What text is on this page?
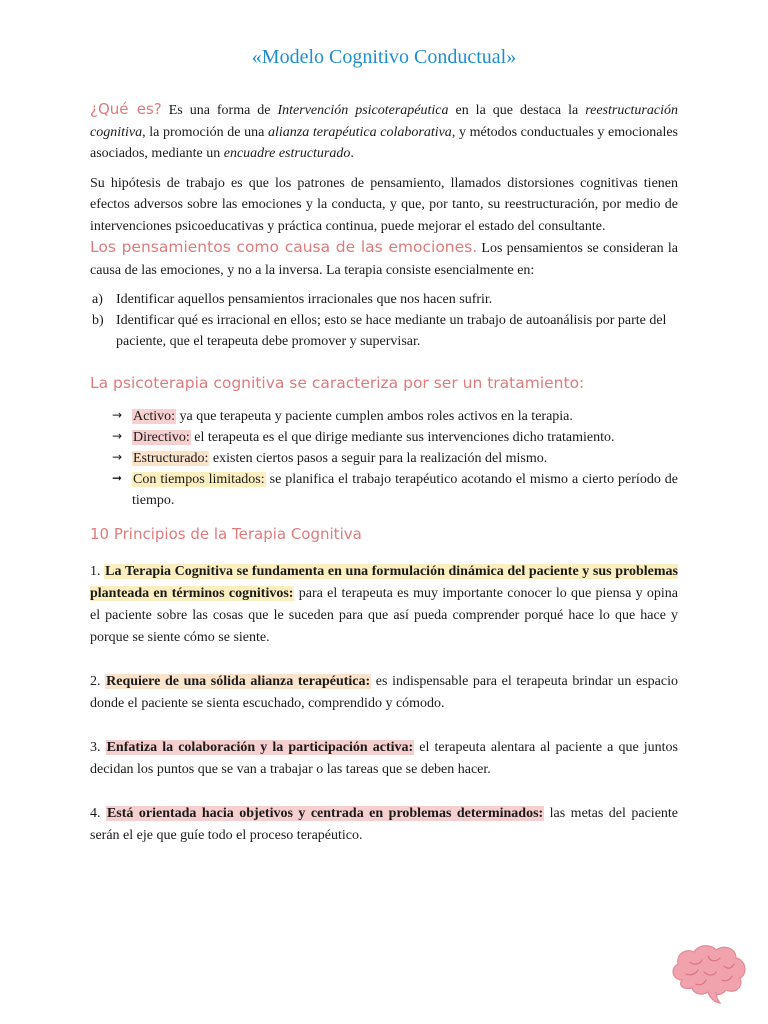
«Modelo Cognitivo Conductual»

¿Qué es? Es una forma de Intervención psicoterapéutica en la que destaca la reestructuración cognitiva, la promoción de una alianza terapéutica colaborativa, y métodos conductuales y emocionales asociados, mediante un encuadre estructurado.

Su hipótesis de trabajo es que los patrones de pensamiento, llamados distorsiones cognitivas tienen efectos adversos sobre las emociones y la conducta, y que, por tanto, su reestructuración, por medio de intervenciones psicoeducativas y práctica continua, puede mejorar el estado del consultante.

Los pensamientos como causa de las emociones. Los pensamientos se consideran la causa de las emociones, y no a la inversa. La terapia consiste esencialmente en:

a) Identificar aquellos pensamientos irracionales que nos hacen sufrir.
b) Identificar qué es irracional en ellos; esto se hace mediante un trabajo de autoanálisis por parte del paciente, que el terapeuta debe promover y supervisar.
La psicoterapia cognitiva se caracteriza por ser un tratamiento:
→ Activo: ya que terapeuta y paciente cumplen ambos roles activos en la terapia.
→ Directivo: el terapeuta es el que dirige mediante sus intervenciones dicho tratamiento.
→ Estructurado: existen ciertos pasos a seguir para la realización del mismo.
➞ Con tiempos limitados: se planifica el trabajo terapéutico acotando el mismo a cierto período de tiempo.
10 Principios de la Terapia Cognitiva

1. La Terapia Cognitiva se fundamenta en una formulación dinámica del paciente y sus problemas planteada en términos cognitivos: para el terapeuta es muy importante conocer lo que piensa y opina el paciente sobre las cosas que le suceden para que así pueda comprender porqué hace lo que hace y porque se siente cómo se siente.

2. Requiere de una sólida alianza terapéutica: es indispensable para el terapeuta brindar un espacio donde el paciente se sienta escuchado, comprendido y cómodo.

3. Enfatiza la colaboración y la participación activa: el terapeuta alentara al paciente a que juntos decidan los puntos que se van a trabajar o las tareas que se deben hacer.

4. Está orientada hacia objetivos y centrada en problemas determinados: las metas del paciente serán el eje que guíe todo el proceso terapéutico.
